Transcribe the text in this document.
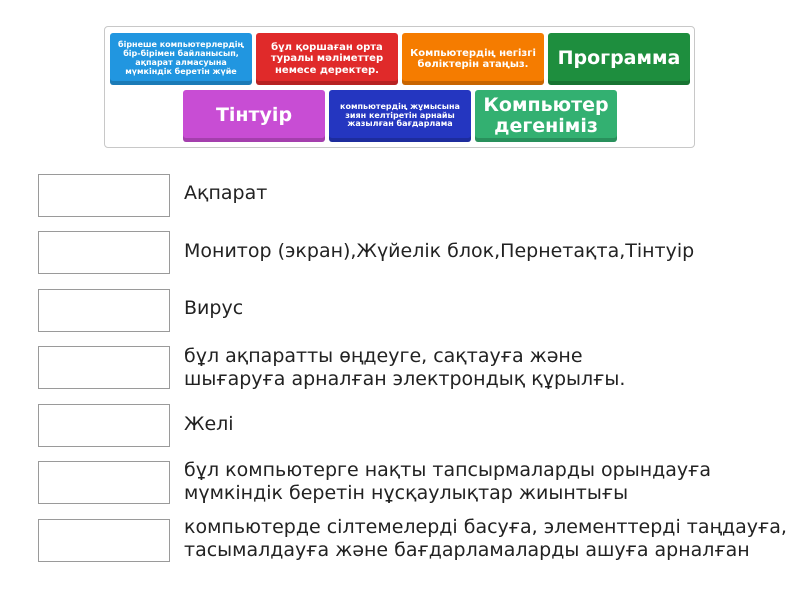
бірнеше компьютерлердің бір-бірімен байланысып, ақпарат алмасуына мүмкіндік беретін жүйе
бұл қоршаған орта туралы мәліметтер немесе деректер.
Компьютердің негізгі бөліктерін атаңыз.	Программа
Тінтуір	компьютердің жұмысына зиян келтіретін арнайы жазылған бағдарлама
Компьютер дегеніміз
Ақпарат
Монитор (экран),Жүйелік блок,Пернетақта,Тінтуір
Вирус
бұл ақпаратты өңдеуге, сақтауға және
шығаруға арналған электрондық құрылғы.
Желі
бұл компьютерге нақты тапсырмаларды орындауға
мүмкіндік беретін нұсқаулықтар жиынтығы
компьютерде сілтемелерді басуға, элементтерді таңдауға,
тасымалдауға және бағдарламаларды ашуға арналған
